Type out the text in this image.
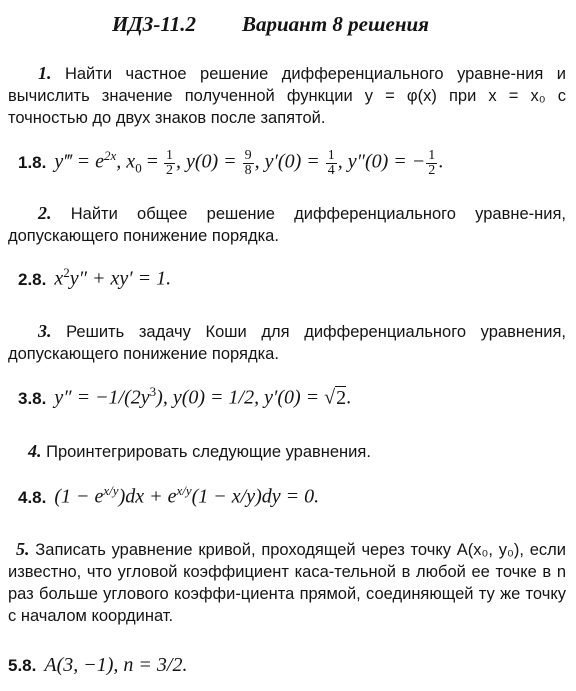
ИДЗ-11.2 Вариант 8 решения
1. Найти частное решение дифференциального уравне-ния и вычислить значение полученной функции y = φ(x) при x = x₀ с точностью до двух знаков после запятой.
1.8. y‴ = $e^{2x}$, $x_0 = \frac{1}{2}$ , $y(0) = \frac{9}{8}$ , $y'(0) = \frac{1}{4}$ , y″(0) = − $\frac{1}{2}$ .
2. Найти общее решение дифференциального уравне-ния, допускающего понижение порядка.
2.8. $x^2y'' + xy' = 1$.
3. Решить задачу Коши для дифференциального уравнения, допускающего понижение порядка.
3.8. $y'' = -1/(2y^3)$, y(0) = 1/2, y′(0) = √2.
4. Проинтегрировать следующие уравнения.
4.8. $(1 - e^{x/y})dx + e^{x/y}(1 - x/y)dy = 0$.
5. Записать уравнение кривой, проходящей через точку A(x₀, y₀), если известно, что угловой коэффициент каса-тельной в любой ее точке в n раз больше углового коэффи-циента прямой, соединяющей ту же точку с началом координат.
5.8. A(3, −1), n = 3/2.
